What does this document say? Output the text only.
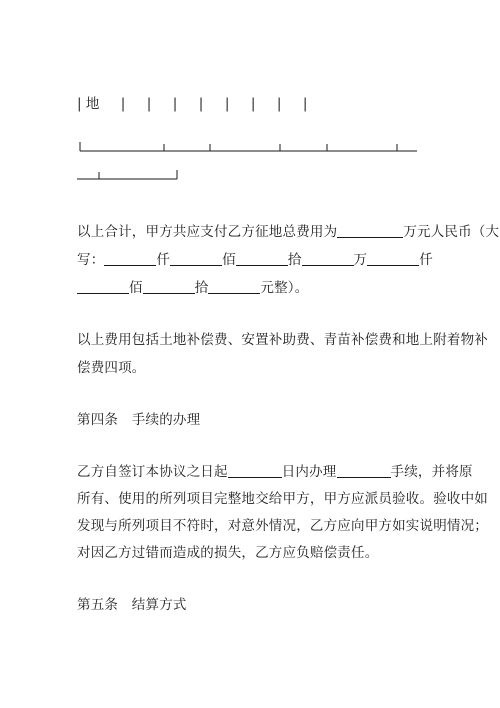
| 地     |     |     |     |     |     |     |     |
以上合计，甲方共应支付乙方征地总费用为	万元人民币（大
写：	仟	佰	拾	万	仟
佰	拾	元整）。
以上费用包括土地补偿费、安置补助费、青苗补偿费和地上附着物补
偿费四项。
第四条　手续的办理
乙方自签订本协议之日起	日内办理	手续，并将原
所有、使用的所列项目完整地交给甲方，甲方应派员验收。验收中如
发现与所列项目不符时，对意外情况，乙方应向甲方如实说明情况；
对因乙方过错而造成的损失，乙方应负赔偿责任。
第五条　结算方式
